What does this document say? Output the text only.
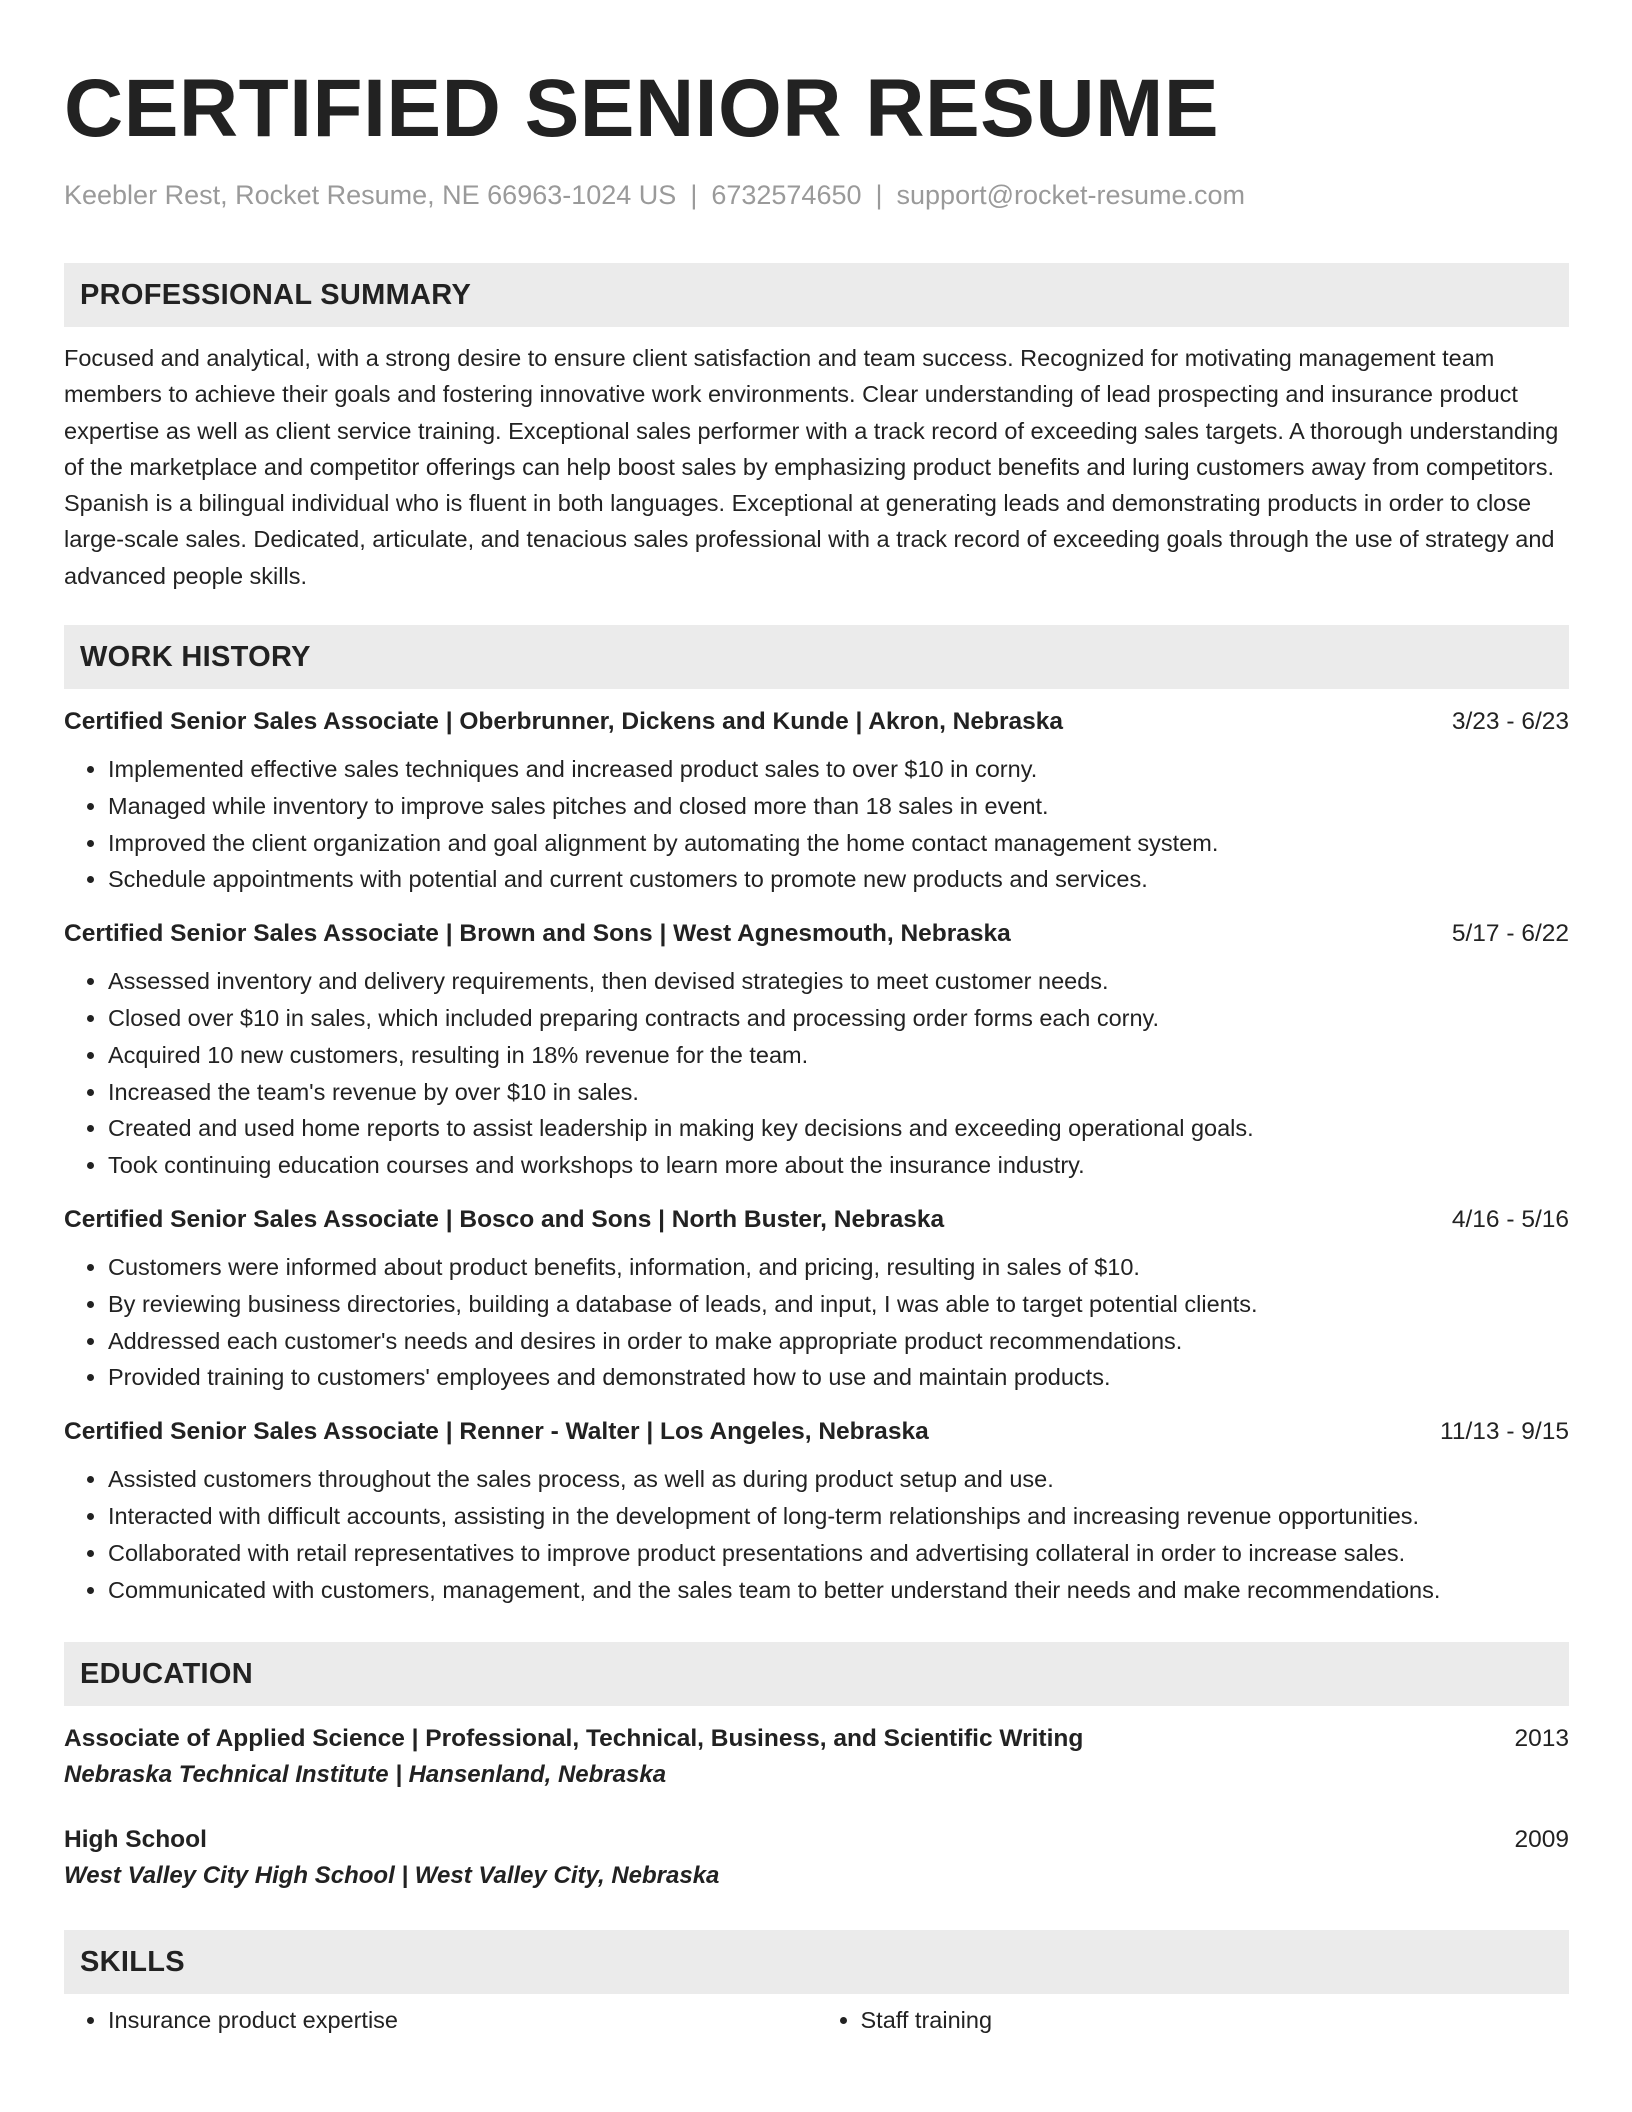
CERTIFIED SENIOR RESUME
Keebler Rest, Rocket Resume, NE 66963-1024 US | 6732574650 | support@rocket-resume.com
PROFESSIONAL SUMMARY

Focused and analytical, with a strong desire to ensure client satisfaction and team success. Recognized for motivating management team members to achieve their goals and fostering innovative work environments. Clear understanding of lead prospecting and insurance product expertise as well as client service training. Exceptional sales performer with a track record of exceeding sales targets. A thorough understanding of the marketplace and competitor offerings can help boost sales by emphasizing product benefits and luring customers away from competitors. Spanish is a bilingual individual who is fluent in both languages. Exceptional at generating leads and demonstrating products in order to close large-scale sales. Dedicated, articulate, and tenacious sales professional with a track record of exceeding goals through the use of strategy and advanced people skills.

WORK HISTORY
Certified Senior Sales Associate | Oberbrunner, Dickens and Kunde | Akron, Nebraska	3/23 - 6/23
• Implemented effective sales techniques and increased product sales to over $10 in corny.
• Managed while inventory to improve sales pitches and closed more than 18 sales in event.
• Improved the client organization and goal alignment by automating the home contact management system.
• Schedule appointments with potential and current customers to promote new products and services.
Certified Senior Sales Associate | Brown and Sons | West Agnesmouth, Nebraska	5/17 - 6/22
• Assessed inventory and delivery requirements, then devised strategies to meet customer needs.
• Closed over $10 in sales, which included preparing contracts and processing order forms each corny.
• Acquired 10 new customers, resulting in 18% revenue for the team.
• Increased the team's revenue by over $10 in sales.
• Created and used home reports to assist leadership in making key decisions and exceeding operational goals.
• Took continuing education courses and workshops to learn more about the insurance industry.
Certified Senior Sales Associate | Bosco and Sons | North Buster, Nebraska	4/16 - 5/16
• Customers were informed about product benefits, information, and pricing, resulting in sales of $10.
• By reviewing business directories, building a database of leads, and input, I was able to target potential clients.
• Addressed each customer's needs and desires in order to make appropriate product recommendations.
• Provided training to customers' employees and demonstrated how to use and maintain products.
Certified Senior Sales Associate | Renner - Walter | Los Angeles, Nebraska	11/13 - 9/15
• Assisted customers throughout the sales process, as well as during product setup and use.
• Interacted with difficult accounts, assisting in the development of long-term relationships and increasing revenue opportunities.
• Collaborated with retail representatives to improve product presentations and advertising collateral in order to increase sales.
• Communicated with customers, management, and the sales team to better understand their needs and make recommendations.
EDUCATION
Associate of Applied Science | Professional, Technical, Business, and Scientific Writing	2013
Nebraska Technical Institute | Hansenland, Nebraska
High School	2009
West Valley City High School | West Valley City, Nebraska
SKILLS
• Insurance product expertise
•	Staff training
